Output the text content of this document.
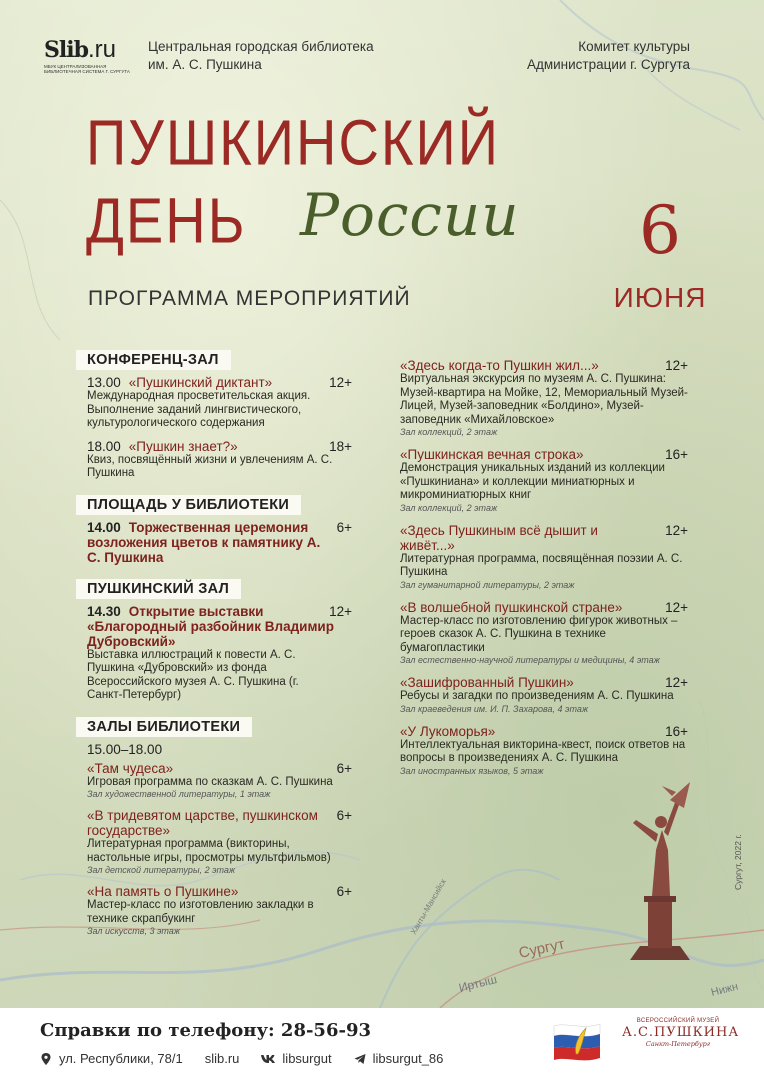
Сургут
Иртыш
Ханты-Мансийск
Нижн
Slib.ru
МБУК ЦЕНТРАЛИЗОВАННАЯ БИБЛИОТЕЧНАЯ СИСТЕМА Г. СУРГУТА
Центральная городская библиотека
им. А. С. Пушкина
Комитет культуры
Администрации г. Сургута
ПУШКИНСКИЙ
ДЕНЬ России
ПРОГРАММА МЕРОПРИЯТИЙ
6
ИЮНЯ
КОНФЕРЕНЦ-ЗАЛ
13.00 «Пушкинский диктант»	12+
Международная просветительская акция. Выполнение заданий лингвистического, культурологического содержания
18.00 «Пушкин знает?»	18+
Квиз, посвящённый жизни и увлечениям А. С. Пушкина
ПЛОЩАДЬ У БИБЛИОТЕКИ
14.00 Торжественная церемония возложения цветов к памятнику А. С. Пушкина
6+
ПУШКИНСКИЙ ЗАЛ
14.30 Открытие выставки «Благородный разбойник Владимир Дубровский»
12+
Выставка иллюстраций к повести А. С. Пушкина «Дубровский» из фонда Всероссийского музея А. С. Пушкина (г. Санкт-Петербург)
ЗАЛЫ БИБЛИОТЕКИ
15.00–18.00
«Там чудеса»	6+
Игровая программа по сказкам А. С. Пушкина
Зал художественной литературы, 1 этаж
«В тридевятом царстве, пушкинском государстве»
6+
Литературная программа (викторины, настольные игры, просмотры мультфильмов)
Зал детской литературы, 2 этаж
«На память о Пушкине»	6+
Мастер-класс по изготовлению закладки в технике скрапбукинг
Зал искусств, 3 этаж
«Здесь когда-то Пушкин жил...»	12+
Виртуальная экскурсия по музеям А. С. Пушкина: Музей-квартира на Мойке, 12, Мемориальный Музей-Лицей, Музей-заповедник «Болдино», Музей-заповедник «Михайловское»
Зал коллекций, 2 этаж
«Пушкинская вечная строка»	16+
Демонстрация уникальных изданий из коллекции «Пушкиниана» и коллекции миниатюрных и микроминиатюрных книг
Зал коллекций, 2 этаж
«Здесь Пушкиным всё дышит и живёт...»
12+
Литературная программа, посвящённая поэзии А. С. Пушкина
Зал гуманитарной литературы, 2 этаж
«В волшебной пушкинской стране»	12+
Мастер-класс по изготовлению фигурок животных – героев сказок А. С. Пушкина в технике бумагопластики
Зал естественно-научной литературы и медицины, 4 этаж
«Зашифрованный Пушкин»	12+
Ребусы и загадки по произведениям А. С. Пушкина
Зал краеведения им. И. П. Захарова, 4 этаж
«У Лукоморья»	16+
Интеллектуальная викторина-квест, поиск ответов на вопросы в произведениях А. С. Пушкина
Зал иностранных языков, 5 этаж
Сургут, 2022 г.
Справки по телефону: 28-56-93
ул. Республики, 78/1 slib.ru	libsurgut	libsurgut_86
ВСЕРОССИЙСКИЙ МУЗЕЙ
А.С.ПУШКИНА
Санкт-Петербург
